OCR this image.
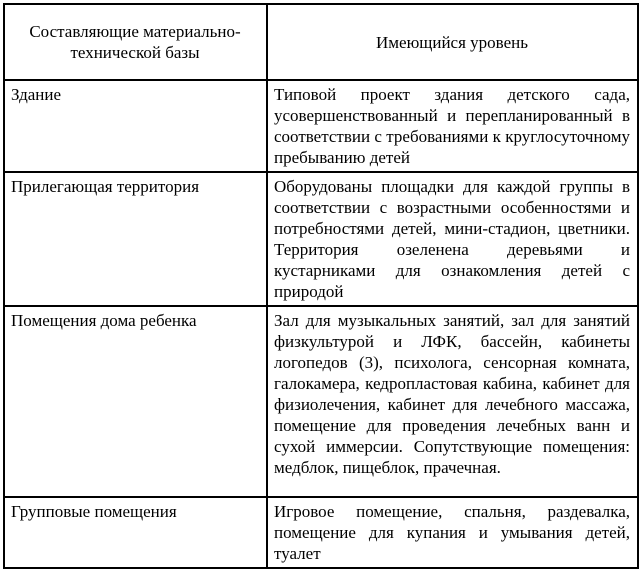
Составляющие материально-технической базы	Имеющийся уровень
Здание	Типовой проект здания детского сада, усовершенствованный и перепланированный в соответствии с требованиями к круглосуточному пребыванию детей
Прилегающая территория	Оборудованы площадки для каждой группы в соответствии с возрастными особенностями и потребностями детей, мини-стадион, цветники. Территория озеленена деревьями и кустарниками для ознакомления детей с природой
Помещения дома ребенка	Зал для музыкальных занятий, зал для занятий физкультурой и ЛФК, бассейн, кабинеты логопедов (3), психолога, сенсорная комната, галокамера, кедропластовая кабина, кабинет для физиолечения, кабинет для лечебного массажа, помещение для проведения лечебных ванн и сухой иммерсии. Сопутствующие помещения: медблок, пищеблок, прачечная.
Групповые помещения	Игровое помещение, спальня, раздевалка, помещение для купания и умывания детей, туалет
